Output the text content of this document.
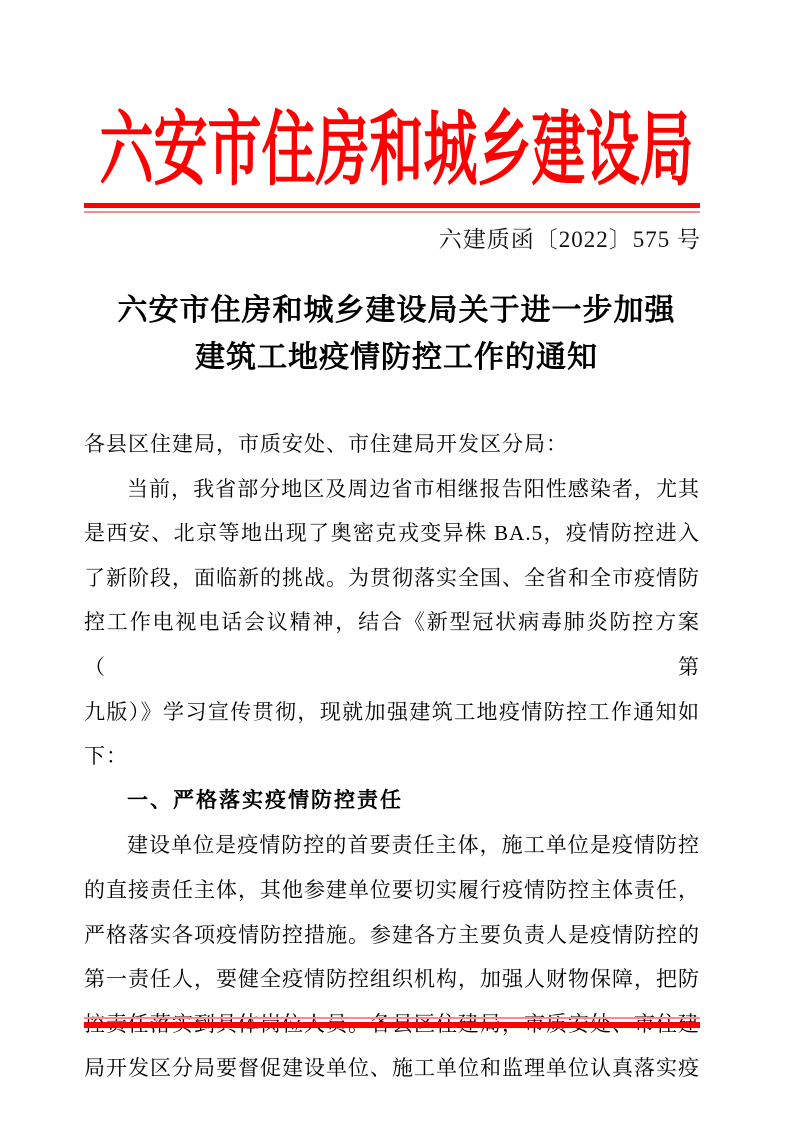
六安市住房和城乡建设局
六建质函〔2022〕575 号
六安市住房和城乡建设局关于进一步加强
建筑工地疫情防控工作的通知
各县区住建局，市质安处、市住建局开发区分局：
当前，我省部分地区及周边省市相继报告阳性感染者，尤其
是西安、北京等地出现了奥密克戎变异株 BA.5，疫情防控进入
了新阶段，面临新的挑战。为贯彻落实全国、全省和全市疫情防
控工作电视电话会议精神，结合《新型冠状病毒肺炎防控方案（第
九版）》学习宣传贯彻，现就加强建筑工地疫情防控工作通知如
下：
一、严格落实疫情防控责任
建设单位是疫情防控的首要责任主体，施工单位是疫情防控
的直接责任主体，其他参建单位要切实履行疫情防控主体责任，
严格落实各项疫情防控措施。参建各方主要负责人是疫情防控的
第一责任人，要健全疫情防控组织机构，加强人财物保障，把防
局开发区分局要督促建设单位、施工单位和监理单位认真落实疫
